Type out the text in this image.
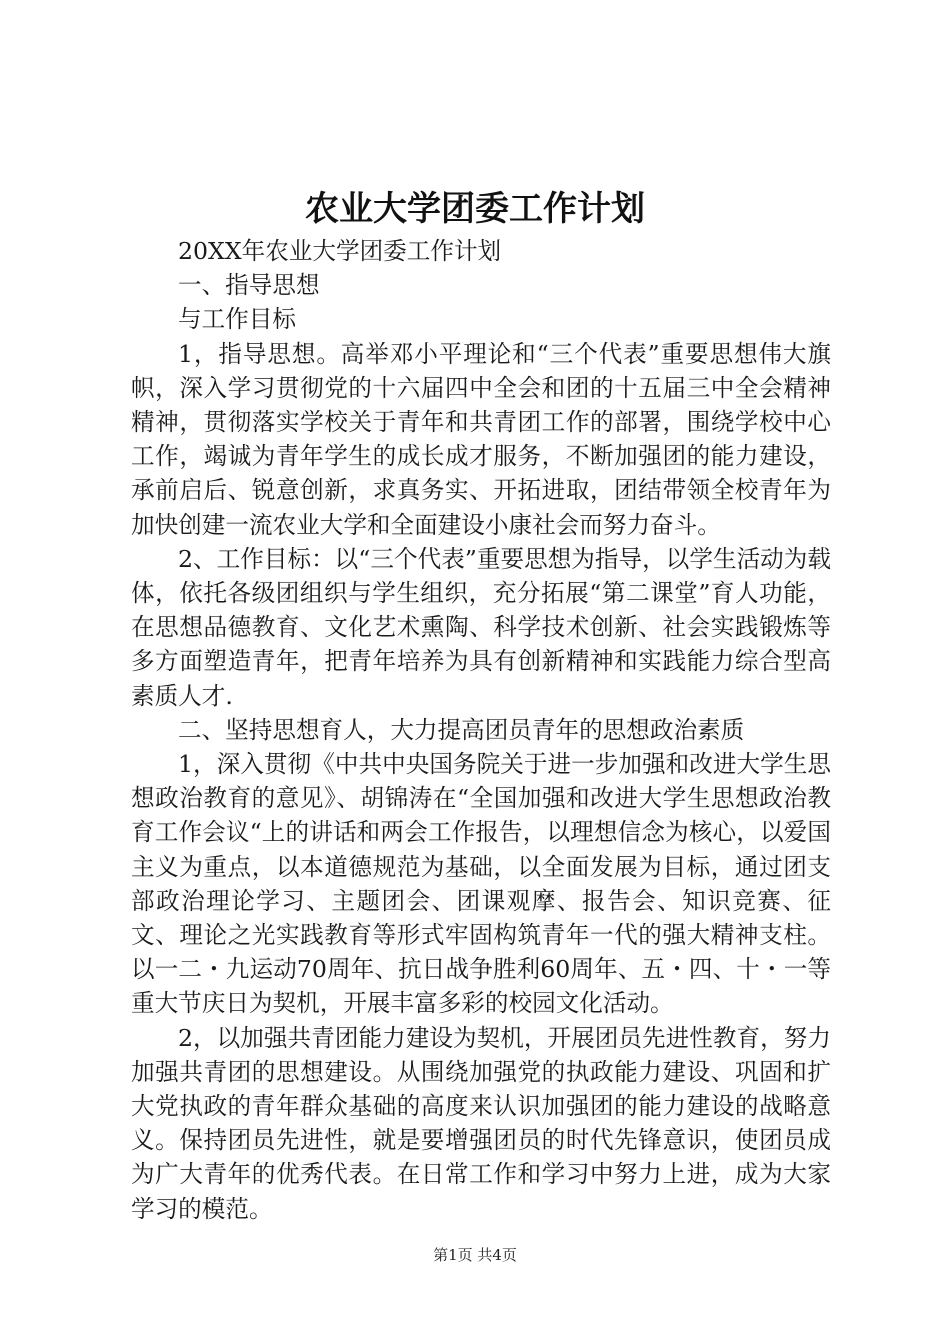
农业大学团委工作计划

20XX年农业大学团委工作计划

一、指导思想

与工作目标

1，指导思想。高举邓小平理论和“三个代表”重要思想伟大旗帜，深入学习贯彻党的十六届四中全会和团的十五届三中全会精神精神，贯彻落实学校关于青年和共青团工作的部署，围绕学校中心工作，竭诚为青年学生的成长成才服务，不断加强团的能力建设，承前启后、锐意创新，求真务实、开拓进取，团结带领全校青年为加快创建一流农业大学和全面建设小康社会而努力奋斗。

2、工作目标：以“三个代表”重要思想为指导，以学生活动为载体，依托各级团组织与学生组织，充分拓展“第二课堂”育人功能，在思想品德教育、文化艺术熏陶、科学技术创新、社会实践锻炼等多方面塑造青年，把青年培养为具有创新精神和实践能力综合型高素质人才.

二、坚持思想育人，大力提高团员青年的思想政治素质

1，深入贯彻《中共中央国务院关于进一步加强和改进大学生思想政治教育的意见》、胡锦涛在“全国加强和改进大学生思想政治教育工作会议“上的讲话和两会工作报告，以理想信念为核心，以爱国主义为重点，以本道德规范为基础，以全面发展为目标，通过团支部政治理论学习、主题团会、团课观摩、报告会、知识竞赛、征文、理论之光实践教育等形式牢固构筑青年一代的强大精神支柱。以一二・九运动70周年、抗日战争胜利60周年、五・四、十・一等重大节庆日为契机，开展丰富多彩的校园文化活动。

2，以加强共青团能力建设为契机，开展团员先进性教育，努力加强共青团的思想建设。从围绕加强党的执政能力建设、巩固和扩大党执政的青年群众基础的高度来认识加强团的能力建设的战略意义。保持团员先进性，就是要增强团员的时代先锋意识，使团员成为广大青年的优秀代表。在日常工作和学习中努力上进，成为大家学习的模范。

第1页 共4页
